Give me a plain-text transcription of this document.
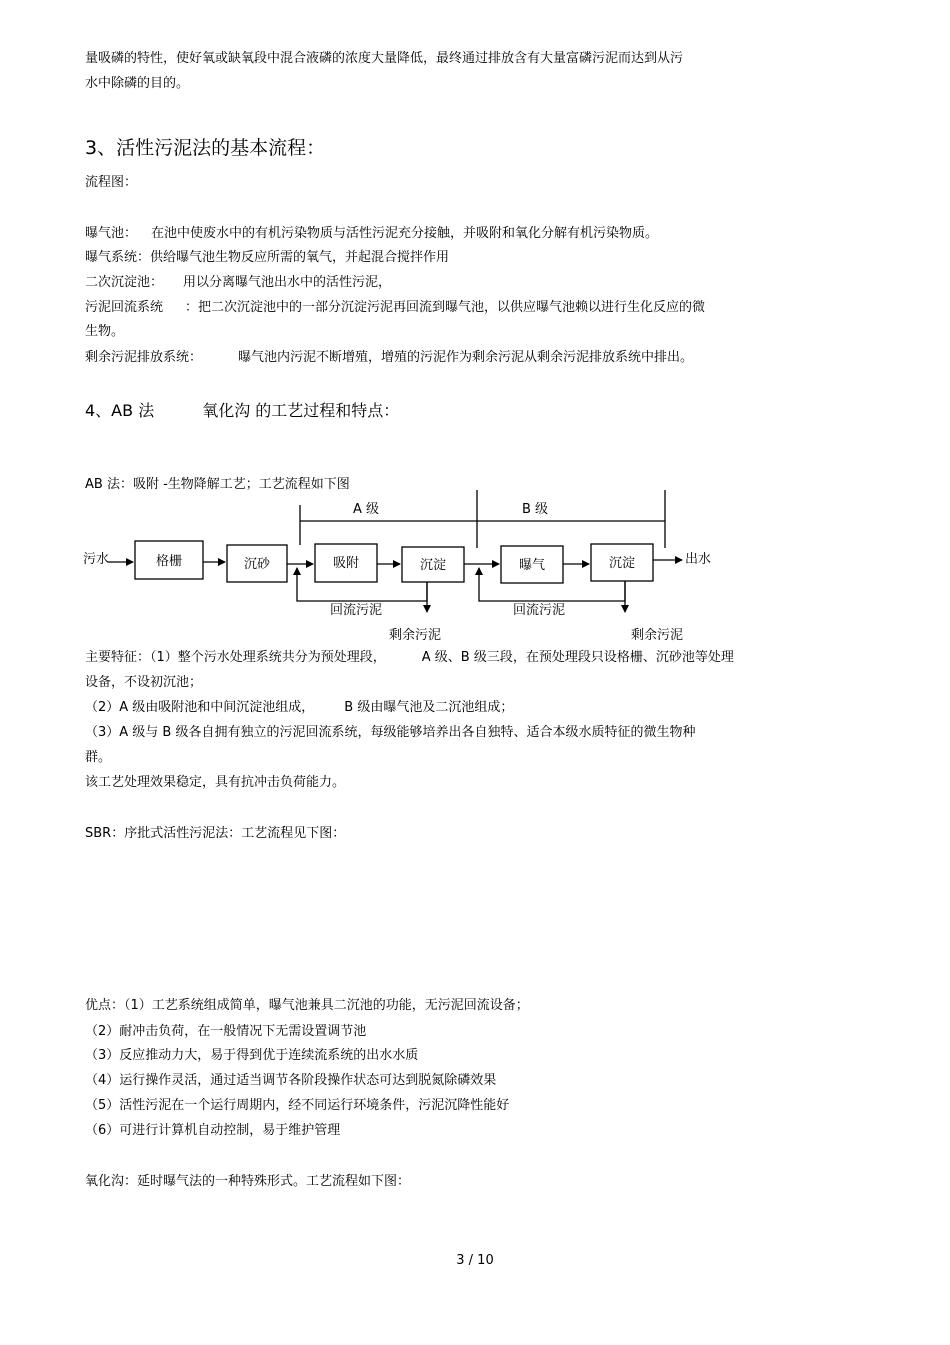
量吸磷的特性，使好氧或缺氧段中混合液磷的浓度大量降低，最终通过排放含有大量富磷污泥而达到从污
水中除磷的目的。
3、活性污泥法的基本流程：
流程图：
曝气池： 在池中使废水中的有机污染物质与活性污泥充分接触，并吸附和氧化分解有机污染物质。
曝气系统：供给曝气池生物反应所需的氧气，并起混合搅拌作用
二次沉淀池： 用以分离曝气池出水中的活性污泥，
污泥回流系统 ：把二次沉淀池中的一部分沉淀污泥再回流到曝气池，以供应曝气池赖以进行生化反应的微
生物。
剩余污泥排放系统：	曝气池内污泥不断增殖，增殖的污泥作为剩余污泥从剩余污泥排放系统中排出。
4、AB 法	氧化沟 的工艺过程和特点：
AB 法：吸附 -生物降解工艺；工艺流程如下图
A 级	B 级
污水	出水
格栅	沉砂	吸附	沉淀	曝气	沉淀
回流污泥	回流污泥
剩余污泥	剩余污泥
主要特征：（1）整个污水处理系统共分为预处理段，	A 级、B 级三段，在预处理段只设格栅、沉砂池等处理
设备，不设初沉池；
（2）A 级由吸附池和中间沉淀池组成， B 级由曝气池及二沉池组成；
（3）A 级与 B 级各自拥有独立的污泥回流系统，每级能够培养出各自独特、适合本级水质特征的微生物种
群。
该工艺处理效果稳定，具有抗冲击负荷能力。
SBR：序批式活性污泥法：工艺流程见下图：
优点：（1）工艺系统组成简单，曝气池兼具二沉池的功能，无污泥回流设备；
（2）耐冲击负荷，在一般情况下无需设置调节池
（3）反应推动力大，易于得到优于连续流系统的出水水质
（4）运行操作灵活，通过适当调节各阶段操作状态可达到脱氮除磷效果
（5）活性污泥在一个运行周期内，经不同运行环境条件，污泥沉降性能好
（6）可进行计算机自动控制，易于维护管理
氧化沟：延时曝气法的一种特殊形式。工艺流程如下图：
3 / 10
